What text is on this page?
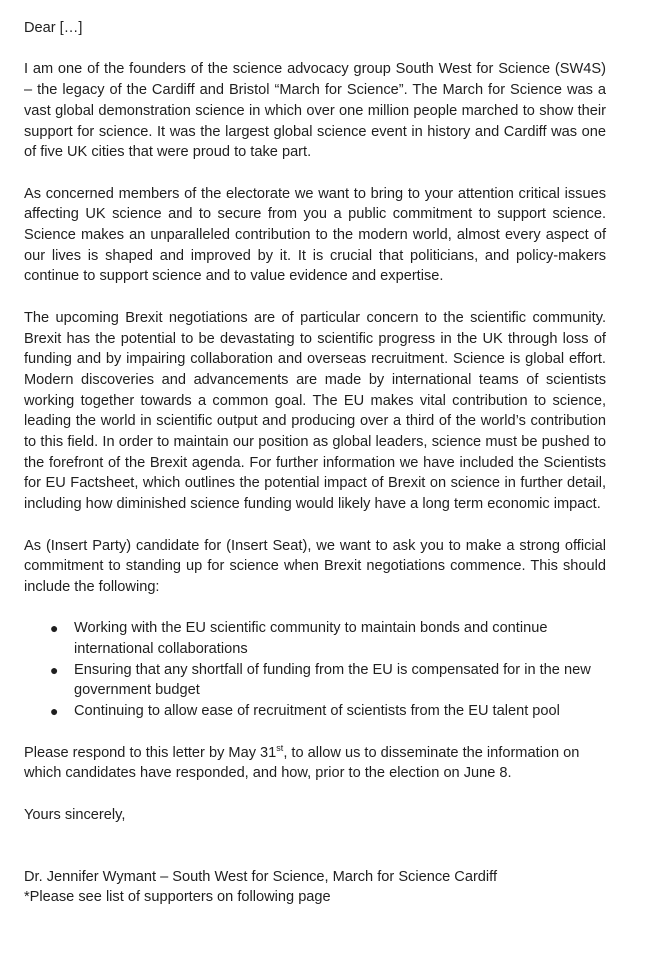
Dear […]

I am one of the founders of the science advocacy group South West for Science (SW4S) – the legacy of the Cardiff and Bristol “March for Science”. The March for Science was a vast global demonstration science in which over one million people marched to show their support for science. It was the largest global science event in history and Cardiff was one of five UK cities that were proud to take part.

As concerned members of the electorate we want to bring to your attention critical issues affecting UK science and to secure from you a public commitment to support science. Science makes an unparalleled contribution to the modern world, almost every aspect of our lives is shaped and improved by it. It is crucial that politicians, and policy-makers continue to support science and to value evidence and expertise.

The upcoming Brexit negotiations are of particular concern to the scientific community. Brexit has the potential to be devastating to scientific progress in the UK through loss of funding and by impairing collaboration and overseas recruitment. Science is global effort. Modern discoveries and advancements are made by international teams of scientists working together towards a common goal. The EU makes vital contribution to science, leading the world in scientific output and producing over a third of the world’s contribution to this field. In order to maintain our position as global leaders, science must be pushed to the forefront of the Brexit agenda. For further information we have included the Scientists for EU Factsheet, which outlines the potential impact of Brexit on science in further detail, including how diminished science funding would likely have a long term economic impact.

As (Insert Party) candidate for (Insert Seat), we want to ask you to make a strong official commitment to standing up for science when Brexit negotiations commence. This should include the following:

● Working with the EU scientific community to maintain bonds and continue international collaborations
● Ensuring that any shortfall of funding from the EU is compensated for in the new government budget
● Continuing to allow ease of recruitment of scientists from the EU talent pool

Please respond to this letter by May 31st, to allow us to disseminate the information on which candidates have responded, and how, prior to the election on June 8.

Yours sincerely,

Dr. Jennifer Wymant – South West for Science, March for Science Cardiff

*Please see list of supporters on following page
